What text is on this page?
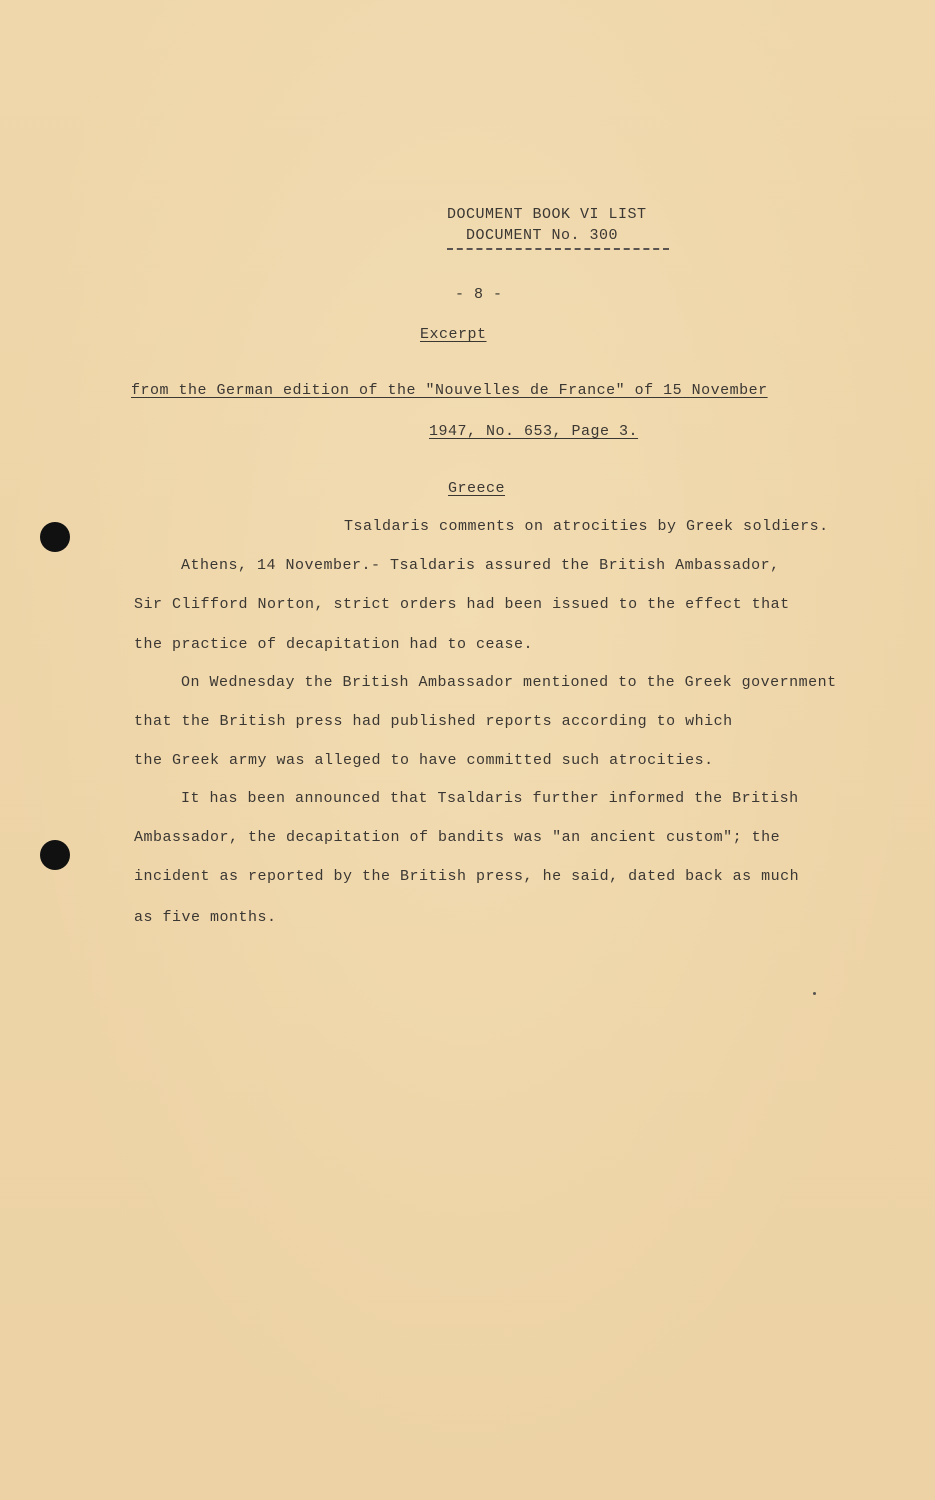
DOCUMENT BOOK VI LIST
DOCUMENT No. 300
- 8 -
Excerpt
from the German edition of the "Nouvelles de France" of 15 November
1947, No. 653, Page 3.
Greece
Tsaldaris comments on atrocities by Greek soldiers.
Athens, 14 November.- Tsaldaris assured the British Ambassador,
Sir Clifford Norton, strict orders had been issued to the effect that
the practice of decapitation had to cease.
On Wednesday the British Ambassador mentioned to the Greek government
that the British press had published reports according to which
the Greek army was alleged to have committed such atrocities.
It has been announced that Tsaldaris further informed the British
Ambassador, the decapitation of bandits was "an ancient custom"; the
incident as reported by the British press, he said, dated back as much
as five months.
